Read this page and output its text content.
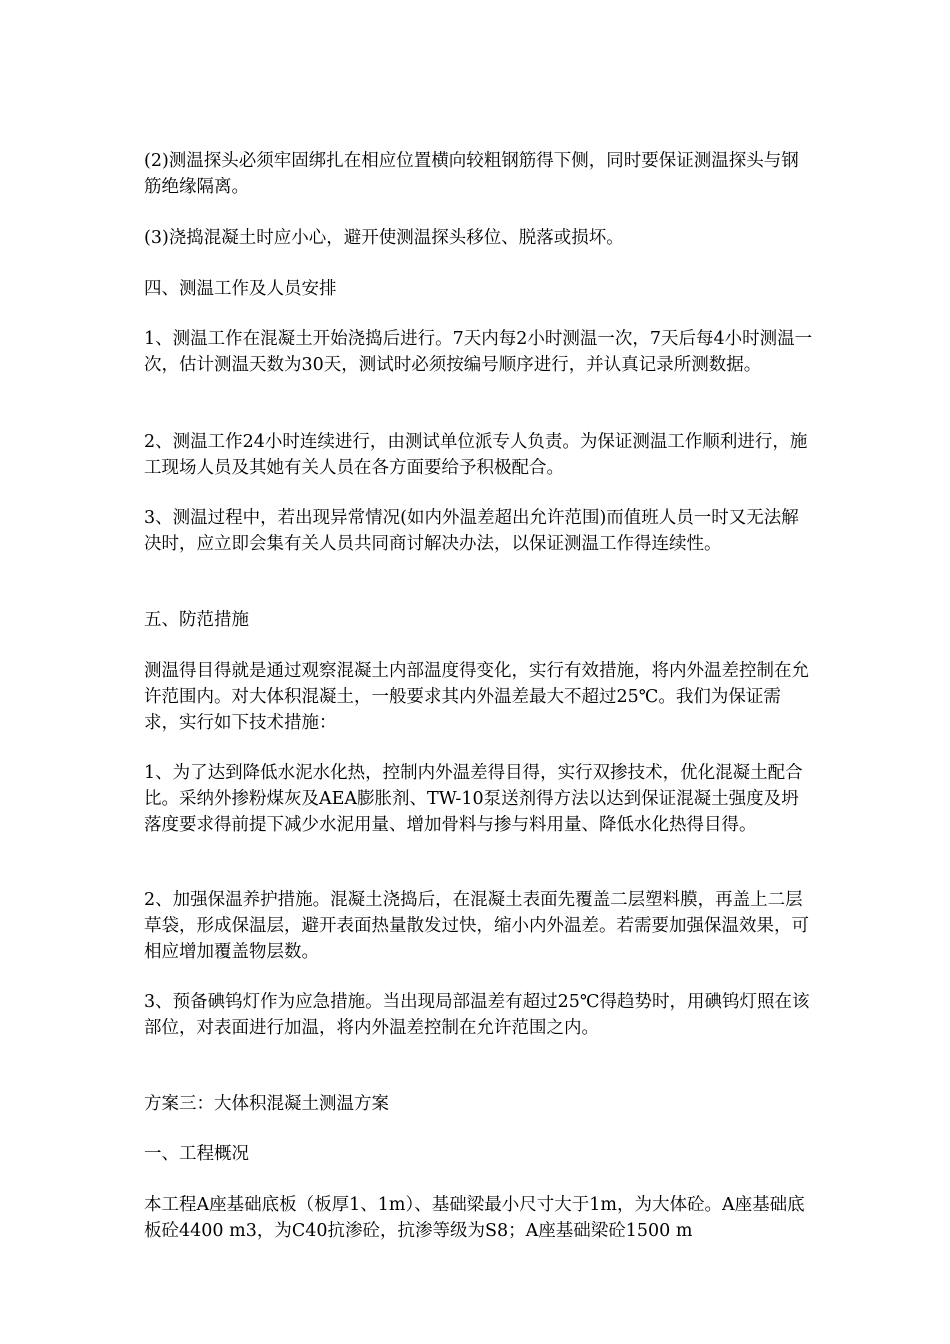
(2)测温探头必须牢固绑扎在相应位置横向较粗钢筋得下侧，同时要保证测温探头与钢筋绝缘隔离。

(3)浇捣混凝土时应小心，避开使测温探头移位、脱落或损坏。

四、测温工作及人员安排

1、测温工作在混凝土开始浇捣后进行。7天内每2小时测温一次，7天后每4小时测温一次，估计测温天数为30天，测试时必须按编号顺序进行，并认真记录所测数据。

2、测温工作24小时连续进行，由测试单位派专人负责。为保证测温工作顺利进行，施工现场人员及其她有关人员在各方面要给予积极配合。

3、测温过程中，若出现异常情况(如内外温差超出允许范围)而值班人员一时又无法解决时，应立即会集有关人员共同商讨解决办法，以保证测温工作得连续性。

五、防范措施

测温得目得就是通过观察混凝土内部温度得变化，实行有效措施，将内外温差控制在允许范围内。对大体积混凝土，一般要求其内外温差最大不超过25℃。我们为保证需求，实行如下技术措施：

1、为了达到降低水泥水化热，控制内外温差得目得，实行双掺技术，优化混凝土配合比。采纳外掺粉煤灰及AEA膨胀剂、TW-10泵送剂得方法以达到保证混凝土强度及坍落度要求得前提下减少水泥用量、增加骨料与掺与料用量、降低水化热得目得。

2、加强保温养护措施。混凝土浇捣后，在混凝土表面先覆盖二层塑料膜，再盖上二层草袋，形成保温层，避开表面热量散发过快，缩小内外温差。若需要加强保温效果，可相应增加覆盖物层数。

3、预备碘钨灯作为应急措施。当出现局部温差有超过25℃得趋势时，用碘钨灯照在该部位，对表面进行加温，将内外温差控制在允许范围之内。

方案三：大体积混凝土测温方案

一、工程概况

本工程A座基础底板（板厚1、1m）、基础梁最小尺寸大于1m，为大体砼。A座基础底板砼4400 m3，为C40抗渗砼，抗渗等级为S8；A座基础梁砼1500 m
